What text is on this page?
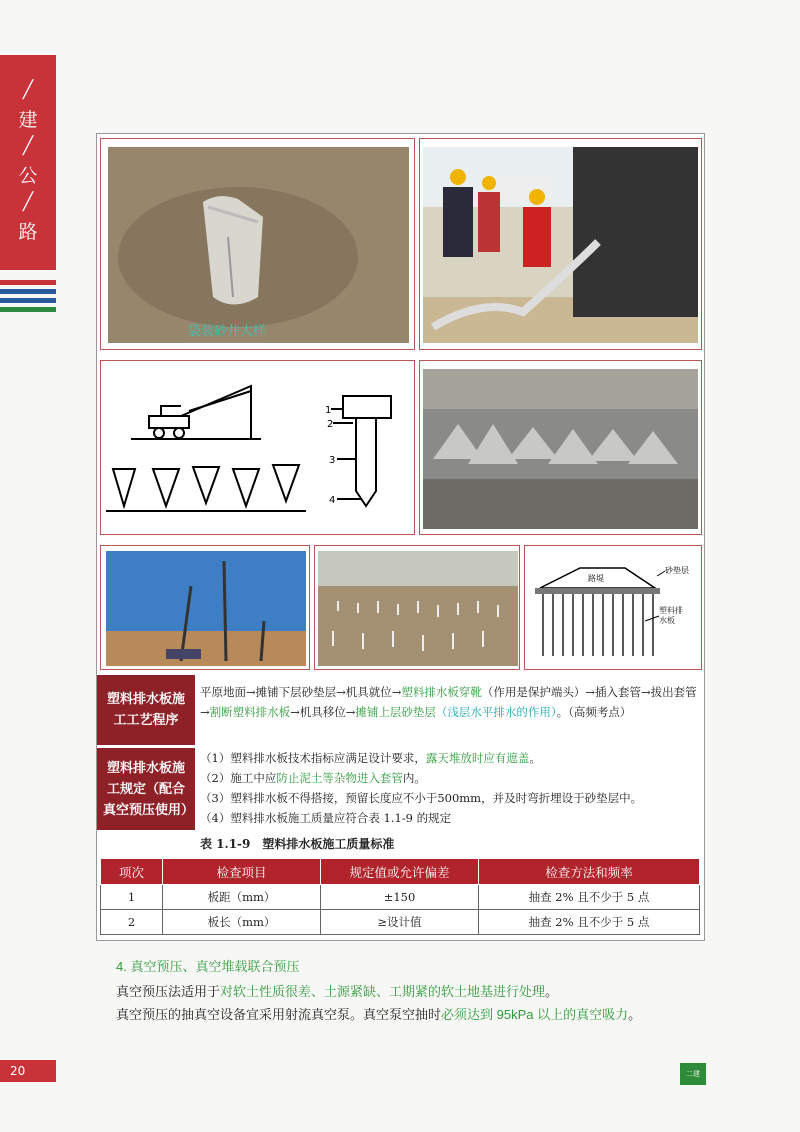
╱
建
╱
公
╱
路
袋装砂井大样
1
2
3
4
路堤
砂垫层
塑料排水板
塑料排水板施工工艺程序
平原地面→摊铺下层砂垫层→机具就位→塑料排水板穿靴（作用是保护端头）→插入套管→拔出套管→割断塑料排水板→机具移位→摊铺上层砂垫层（浅层水平排水的作用）。（高频考点）
塑料排水板施工规定（配合真空预压使用）
（1）塑料排水板技术指标应满足设计要求，露天堆放时应有遮盖。
（2）施工中应防止泥土等杂物进入套管内。
（3）塑料排水板不得搭接，预留长度应不小于500mm，并及时弯折埋设于砂垫层中。
（4）塑料排水板施工质量应符合表 1.1-9 的规定
表 1.1-9　塑料排水板施工质量标准
项次	检查项目	规定值或允许偏差	检查方法和频率
1	板距（mm）	±150	抽查 2% 且不少于 5 点
2	板长（mm）	≥设计值	抽查 2% 且不少于 5 点
4. 真空预压、真空堆载联合预压
真空预压法适用于对软土性质很差、土源紧缺、工期紧的软土地基进行处理。
真空预压的抽真空设备宜采用射流真空泵。真空泵空抽时必须达到 95kPa 以上的真空吸力。
20	二建
